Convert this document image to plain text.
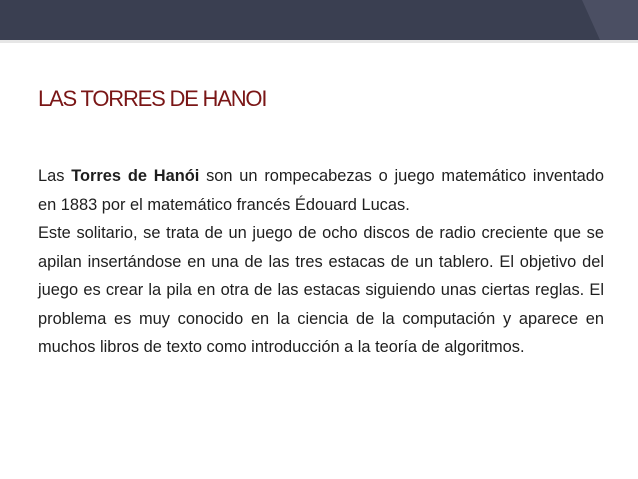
LAS TORRES DE HANOI

Las Torres de Hanói son un rompecabezas o juego matemático inventado en 1883 por el matemático francés Édouard Lucas.

Este solitario, se trata de un juego de ocho discos de radio creciente que se apilan insertándose en una de las tres estacas de un tablero. El objetivo del juego es crear la pila en otra de las estacas siguiendo unas ciertas reglas. El problema es muy conocido en la ciencia de la computación y aparece en muchos libros de texto como introducción a la teoría de algoritmos.
